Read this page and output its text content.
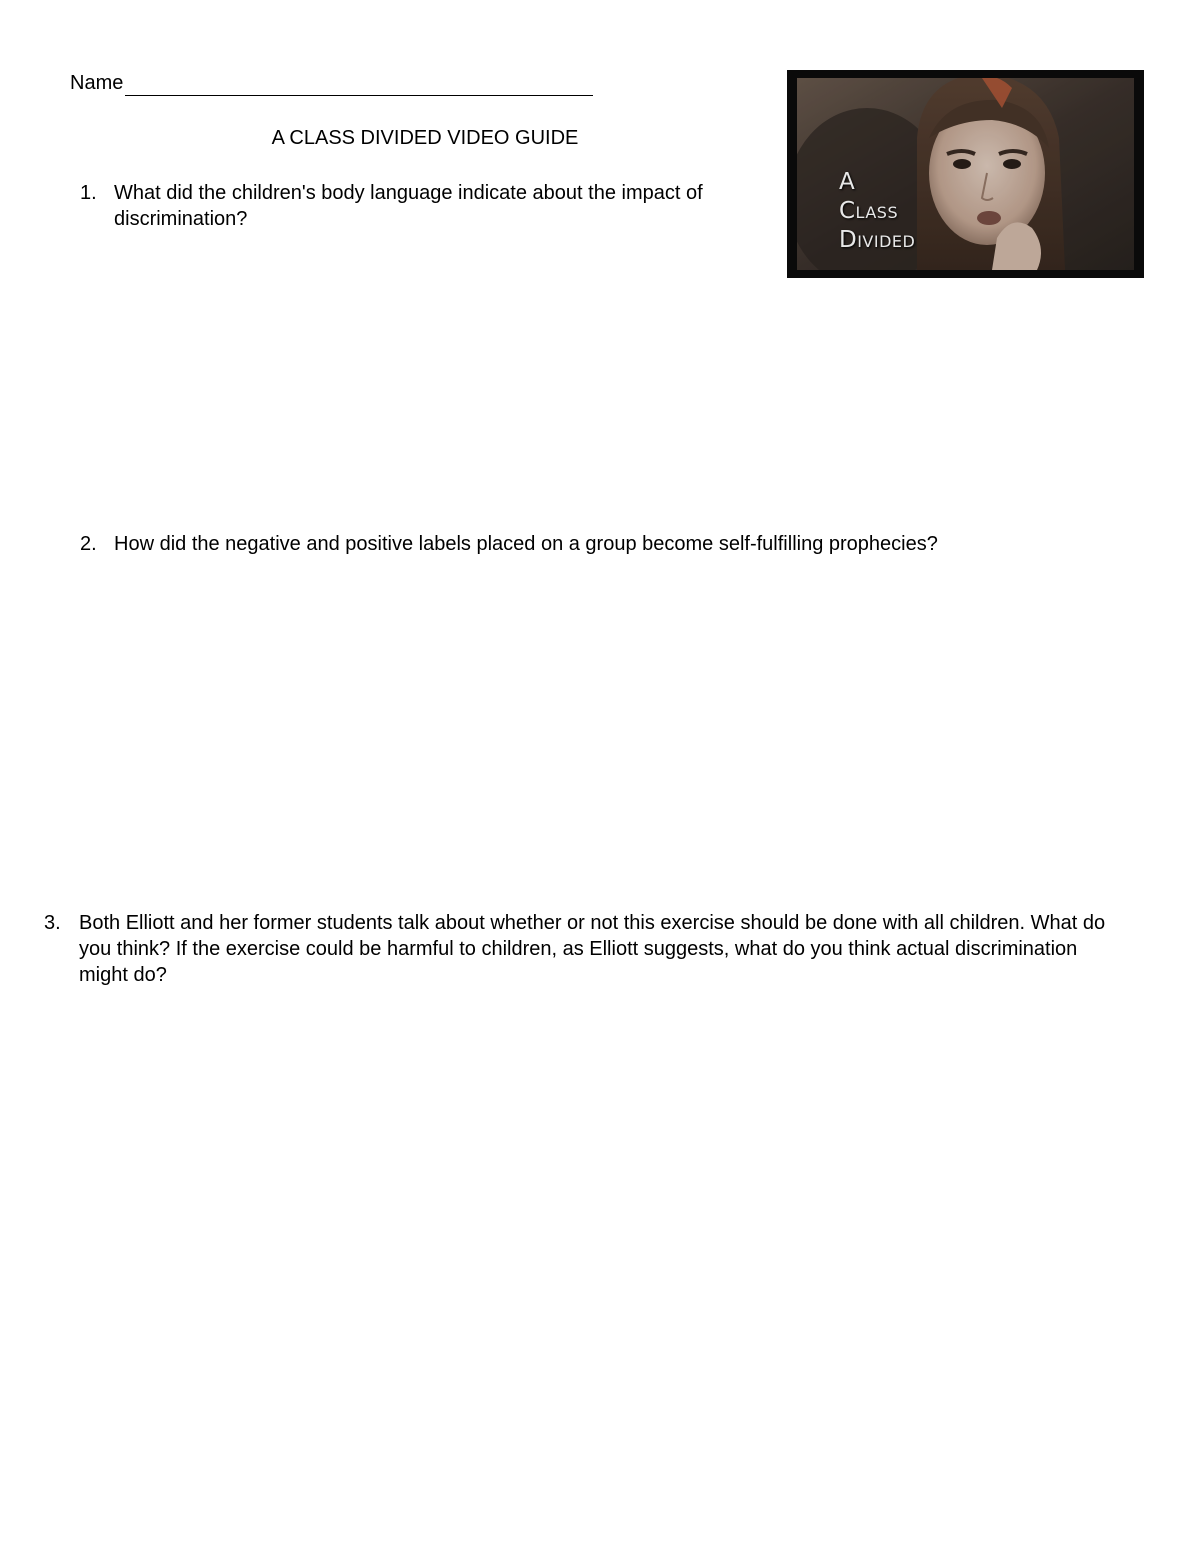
Name
A CLASS DIVIDED VIDEO GUIDE
1. What did the children's body language indicate about the impact of discrimination?
2. How did the negative and positive labels placed on a group become self-fulfilling prophecies?
3. Both Elliott and her former students talk about whether or not this exercise should be done with all children. What do you think? If the exercise could be harmful to children, as Elliott suggests, what do you think actual discrimination might do?
A
Class
Divided
